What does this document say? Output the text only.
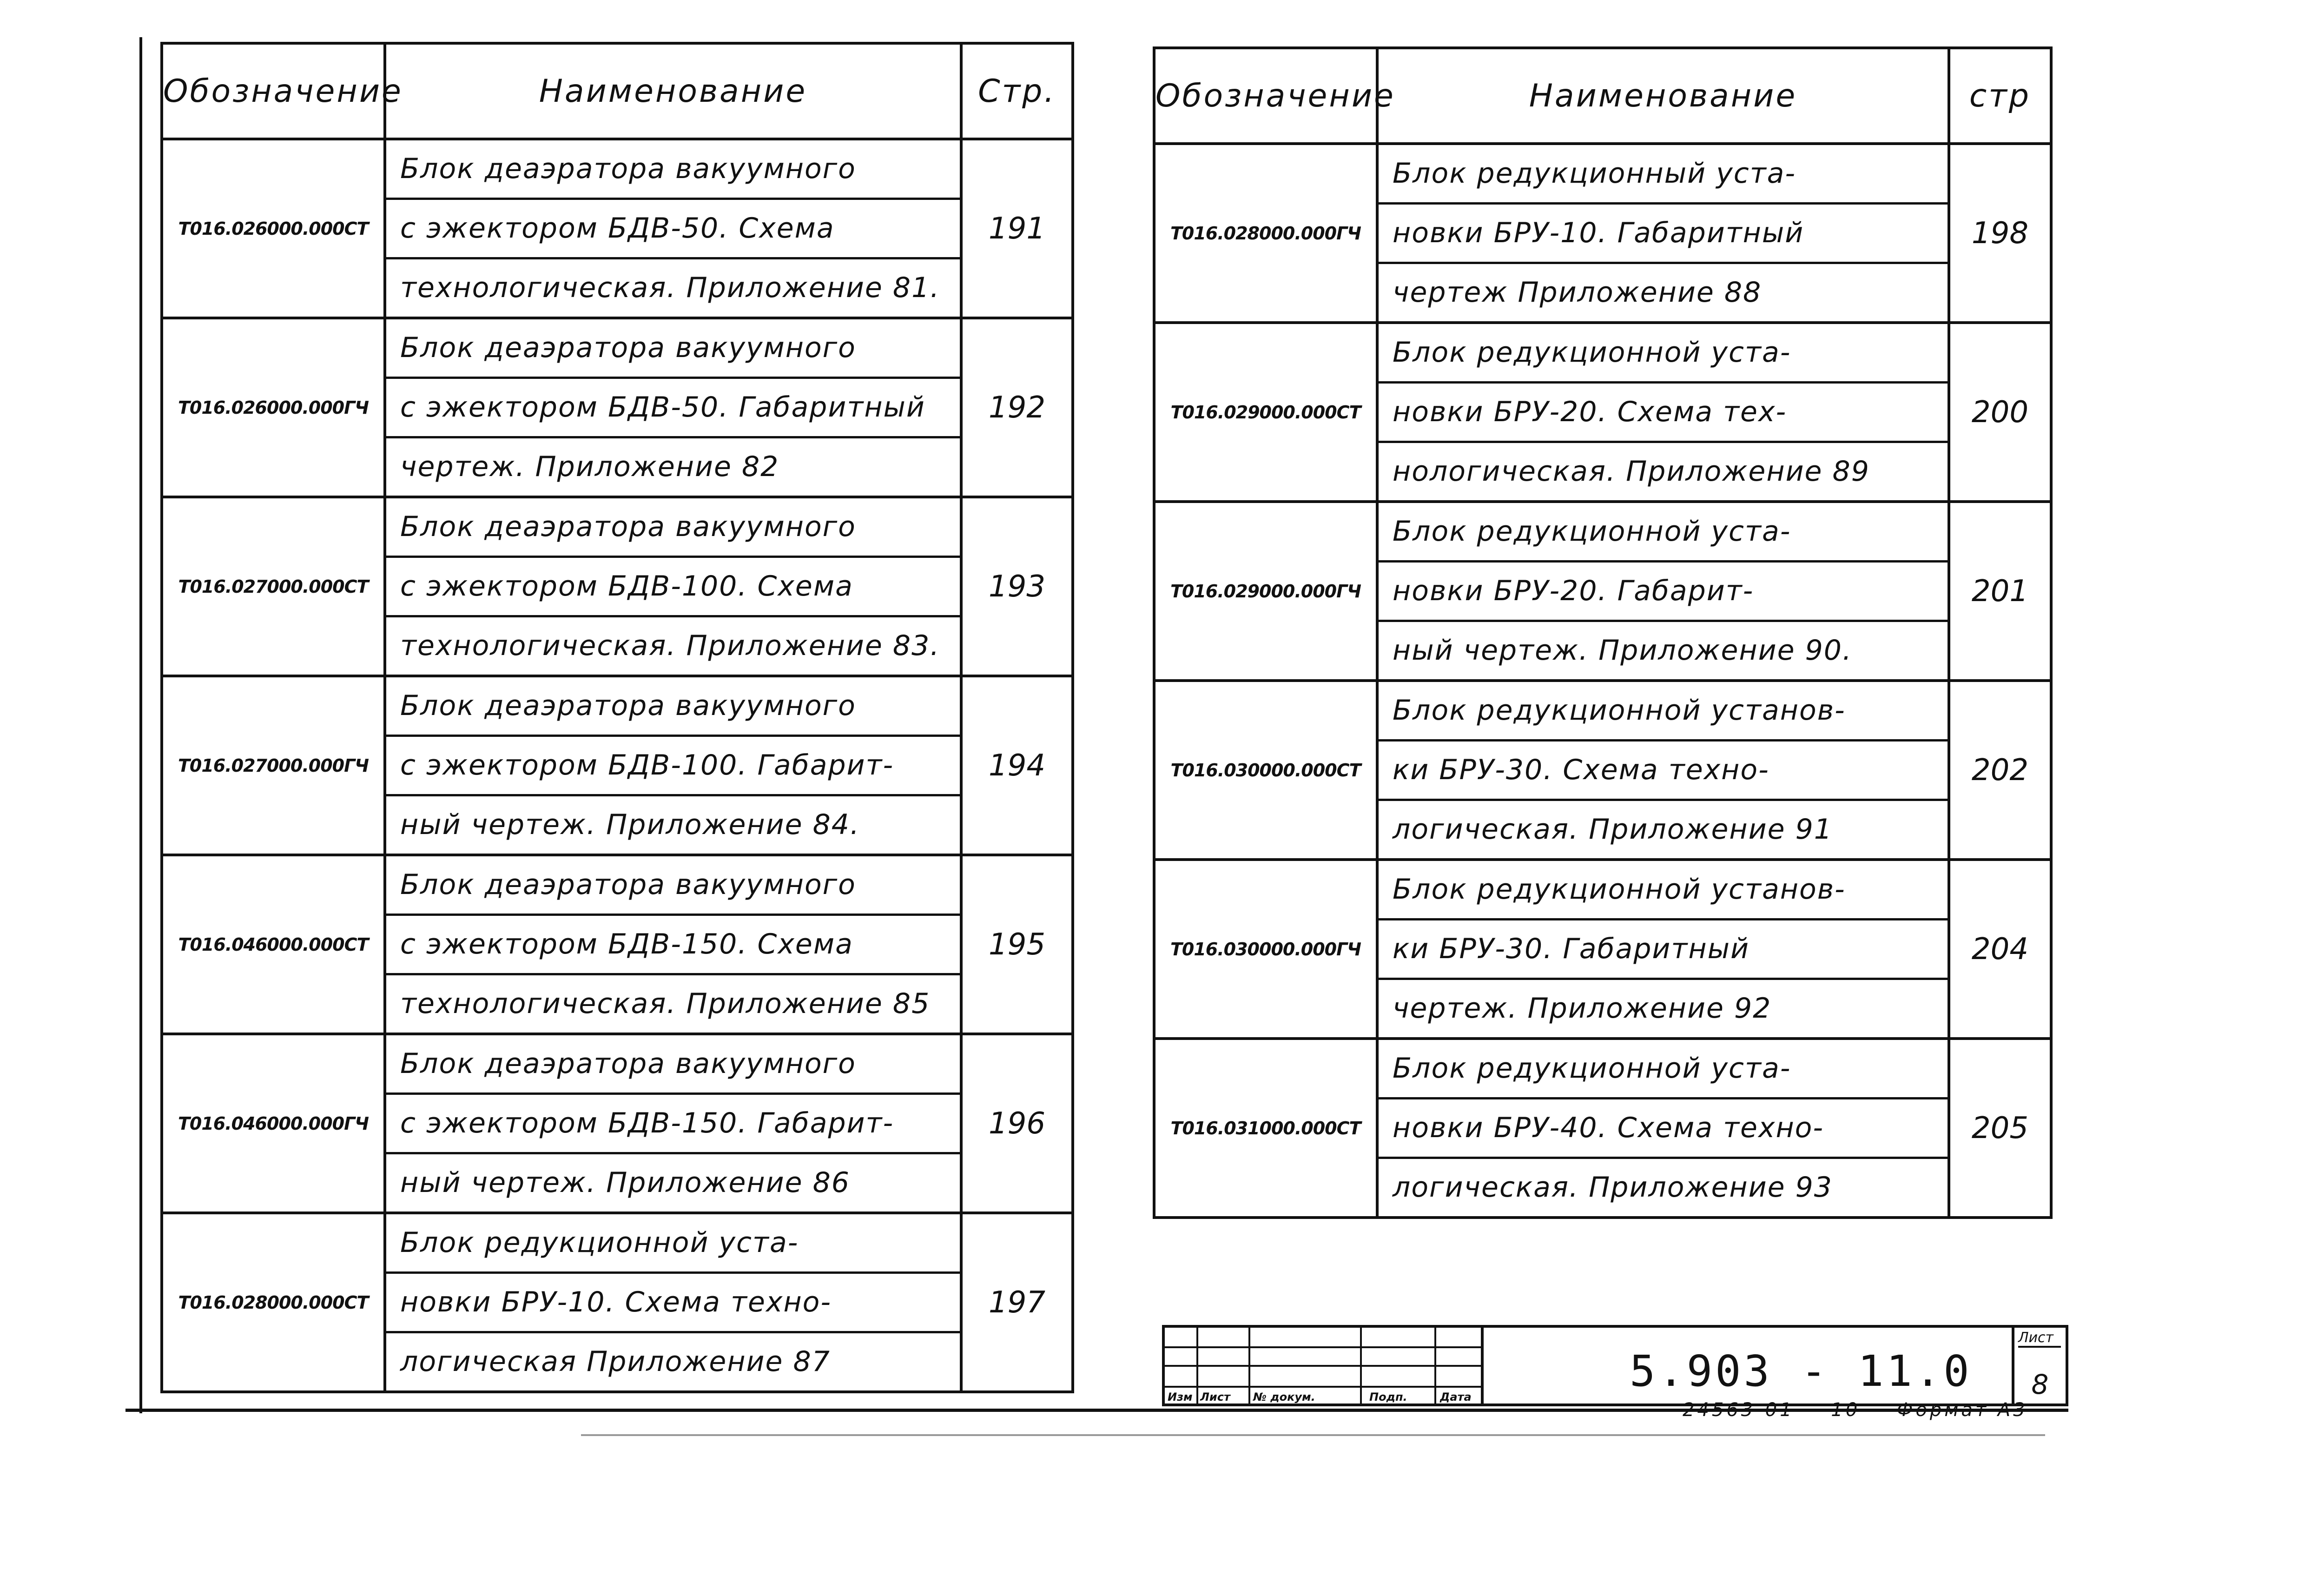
Обозначение	Наименование	Стр.
Т016.026000.000СТ	Блок деаэратора вакуумного
с эжектором БДВ-50. Схема
технологическая. Приложение 81.	191
Т016.026000.000ГЧ	Блок деаэратора вакуумного
с эжектором БДВ-50. Габаритный
чертеж. Приложение 82	192
Т016.027000.000СТ	Блок деаэратора вакуумного
с эжектором БДВ-100. Схема
технологическая. Приложение 83.	193
Т016.027000.000ГЧ	Блок деаэратора вакуумного
с эжектором БДВ-100. Габарит-
ный чертеж. Приложение 84.	194
Т016.046000.000СТ	Блок деаэратора вакуумного
с эжектором БДВ-150. Схема
технологическая. Приложение 85	195
Т016.046000.000ГЧ	Блок деаэратора вакуумного
с эжектором БДВ-150. Габарит-
ный чертеж. Приложение 86	196
Т016.028000.000СТ	Блок редукционной уста-
новки БРУ-10. Схема техно-
логическая Приложение 87	197
Обозначение	Наименование	стр
Т016.028000.000ГЧ	Блок редукционный уста-
новки БРУ-10. Габаритный
чертеж Приложение 88	198
Т016.029000.000СТ	Блок редукционной уста-
новки БРУ-20. Схема тех-
нологическая. Приложение 89	200
Т016.029000.000ГЧ	Блок редукционной уста-
новки БРУ-20. Габарит-
ный чертеж. Приложение 90.	201
Т016.030000.000СТ	Блок редукционной установ-
ки БРУ-30. Схема техно-
логическая. Приложение 91	202
Т016.030000.000ГЧ	Блок редукционной установ-
ки БРУ-30. Габаритный
чертеж. Приложение 92	204
Т016.031000.000СТ	Блок редукционной уста-
новки БРУ-40. Схема техно-
логическая. Приложение 93	205
Изм Лист № докум.	Подп.	Дата
5.903 - 11.0
Лист
8
24563-01 10 Формат А3
